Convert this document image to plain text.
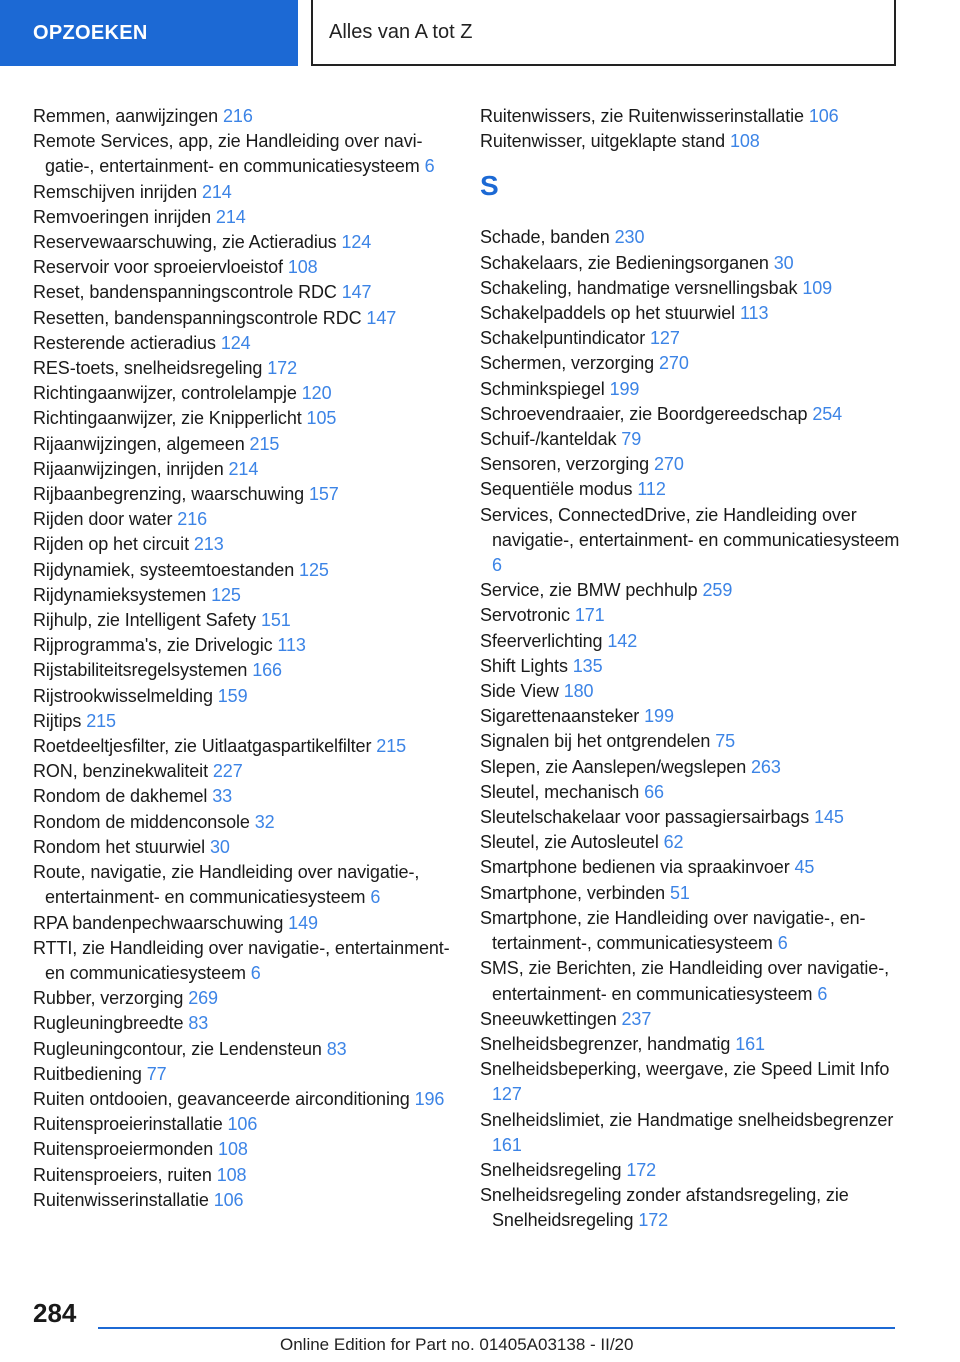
OPZOEKEN	Alles van A tot Z
Remmen, aanwijzingen 216
Remote Services, app, zie Handleiding over navigatie-, entertainment- en communicatiesysteem 6
Remschijven inrijden 214
Remvoeringen inrijden 214
Reservewaarschuwing, zie Actieradius 124
Reservoir voor sproeiervloeistof 108
Reset, bandenspanningscontrole RDC 147
Resetten, bandenspanningscontrole RDC 147
Resterende actieradius 124
RES-toets, snelheidsregeling 172
Richtingaanwijzer, controlelampje 120
Richtingaanwijzer, zie Knipperlicht 105
Rijaanwijzingen, algemeen 215
Rijaanwijzingen, inrijden 214
Rijbaanbegrenzing, waarschuwing 157
Rijden door water 216
Rijden op het circuit 213
Rijdynamiek, systeemtoestanden 125
Rijdynamieksystemen 125
Rijhulp, zie Intelligent Safety 151
Rijprogramma's, zie Drivelogic 113
Rijstabiliteitsregelsystemen 166
Rijstrookwisselmelding 159
Rijtips 215
Roetdeeltjesfilter, zie Uitlaatgaspartikelfilter 215
RON, benzinekwaliteit 227
Rondom de dakhemel 33
Rondom de middenconsole 32
Rondom het stuurwiel 30
Route, navigatie, zie Handleiding over navigatie-, entertainment- en communicatiesysteem 6
RPA bandenpechwaarschuwing 149
RTTI, zie Handleiding over navigatie-, entertainment- en communicatiesysteem 6
Rubber, verzorging 269
Rugleuningbreedte 83
Rugleuningcontour, zie Lendensteun 83
Ruitbediening 77
Ruiten ontdooien, geavanceerde airconditioning 196
Ruitensproeierinstallatie 106
Ruitensproeiermonden 108
Ruitensproeiers, ruiten 108
Ruitenwisserinstallatie 106
Ruitenwissers, zie Ruitenwisserinstallatie 106
Ruitenwisser, uitgeklapte stand 108
S
Schade, banden 230
Schakelaars, zie Bedieningsorganen 30
Schakeling, handmatige versnellingsbak 109
Schakelpaddels op het stuurwiel 113
Schakelpuntindicator 127
Schermen, verzorging 270
Schminkspiegel 199
Schroevendraaier, zie Boordgereedschap 254
Schuif-/kanteldak 79
Sensoren, verzorging 270
Sequentiële modus 112
Services, ConnectedDrive, zie Handleiding over navigatie-, entertainment- en communicatiesysteem 6
Service, zie BMW pechhulp 259
Servotronic 171
Sfeerverlichting 142
Shift Lights 135
Side View 180
Sigarettenaansteker 199
Signalen bij het ontgrendelen 75
Slepen, zie Aanslepen/wegslepen 263
Sleutel, mechanisch 66
Sleutelschakelaar voor passagiersairbags 145
Sleutel, zie Autosleutel 62
Smartphone bedienen via spraakinvoer 45
Smartphone, verbinden 51
Smartphone, zie Handleiding over navigatie-, entertainment-, communicatiesysteem 6
SMS, zie Berichten, zie Handleiding over navigatie-, entertainment- en communicatiesysteem 6
Sneeuwkettingen 237
Snelheidsbegrenzer, handmatig 161
Snelheidsbeperking, weergave, zie Speed Limit Info 127
Snelheidslimiet, zie Handmatige snelheidsbegrenzer 161
Snelheidsregeling 172
Snelheidsregeling zonder afstandsregeling, zie Snelheidsregeling 172
284
Online Edition for Part no. 01405A03138 - II/20
